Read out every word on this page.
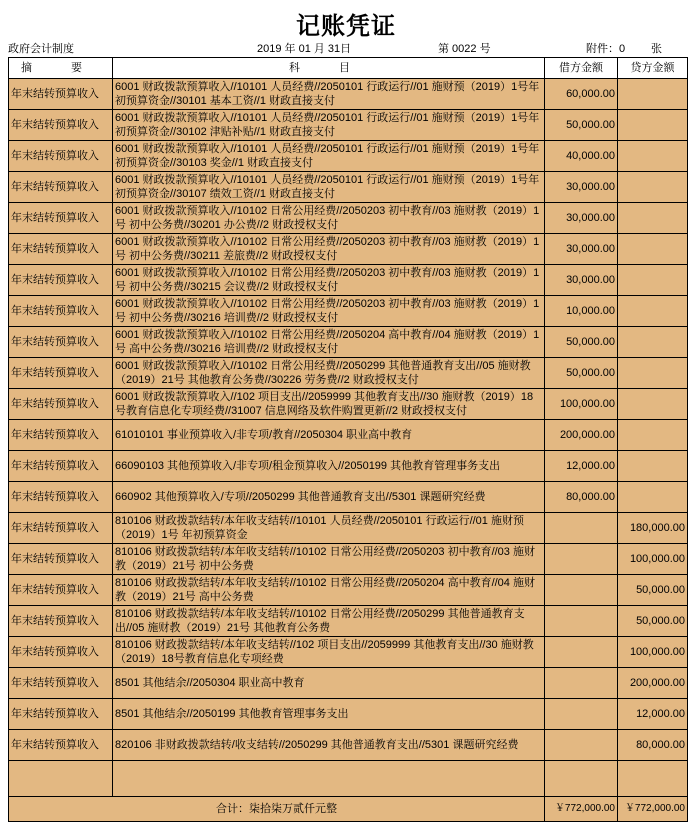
记账凭证
政府会计制度	2019 年 01 月 31日	第 0022 号	附件：0 张
摘 要	科 目	借方金额	贷方金额
年末结转预算收入	6001 财政拨款预算收入//10101 人员经费//2050101 行政运行//01 施财预（2019）1号年初预算资金//30101 基本工资//1 财政直接支付	60,000.00	
年末结转预算收入	6001 财政拨款预算收入//10101 人员经费//2050101 行政运行//01 施财预（2019）1号年初预算资金//30102 津贴补贴//1 财政直接支付	50,000.00	
年末结转预算收入	6001 财政拨款预算收入//10101 人员经费//2050101 行政运行//01 施财预（2019）1号年初预算资金//30103 奖金//1 财政直接支付	40,000.00	
年末结转预算收入	6001 财政拨款预算收入//10101 人员经费//2050101 行政运行//01 施财预（2019）1号年初预算资金//30107 绩效工资//1 财政直接支付	30,000.00	
年末结转预算收入	6001 财政拨款预算收入//10102 日常公用经费//2050203 初中教育//03 施财教（2019）1号 初中公务费//30201 办公费//2 财政授权支付	30,000.00	
年末结转预算收入	6001 财政拨款预算收入//10102 日常公用经费//2050203 初中教育//03 施财教（2019）1号 初中公务费//30211 差旅费//2 财政授权支付	30,000.00	
年末结转预算收入	6001 财政拨款预算收入//10102 日常公用经费//2050203 初中教育//03 施财教（2019）1号 初中公务费//30215 会议费//2 财政授权支付	30,000.00	
年末结转预算收入	6001 财政拨款预算收入//10102 日常公用经费//2050203 初中教育//03 施财教（2019）1号 初中公务费//30216 培训费//2 财政授权支付	10,000.00	
年末结转预算收入	6001 财政拨款预算收入//10102 日常公用经费//2050204 高中教育//04 施财教（2019）1号 高中公务费//30216 培训费//2 财政授权支付	50,000.00	
年末结转预算收入	6001 财政拨款预算收入//10102 日常公用经费//2050299 其他普通教育支出//05 施财教（2019）21号 其他教育公务费//30226 劳务费//2 财政授权支付	50,000.00	
年末结转预算收入	6001 财政拨款预算收入//102 项目支出//2059999 其他教育支出//30 施财教（2019）18号教育信息化专项经费//31007 信息网络及软件购置更新//2 财政授权支付	100,000.00	
年末结转预算收入	61010101 事业预算收入/非专项/教育//2050304 职业高中教育	200,000.00	
年末结转预算收入	66090103 其他预算收入/非专项/租金预算收入//2050199 其他教育管理事务支出	12,000.00	
年末结转预算收入	660902 其他预算收入/专项//2050299 其他普通教育支出//5301 课题研究经费	80,000.00	
年末结转预算收入	810106 财政拨款结转/本年收支结转//10101 人员经费//2050101 行政运行//01 施财预（2019）1号 年初预算资金		180,000.00
年末结转预算收入	810106 财政拨款结转/本年收支结转//10102 日常公用经费//2050203 初中教育//03 施财教（2019）21号 初中公务费		100,000.00
年末结转预算收入	810106 财政拨款结转/本年收支结转//10102 日常公用经费//2050204 高中教育//04 施财教（2019）21号 高中公务费		50,000.00
年末结转预算收入	810106 财政拨款结转/本年收支结转//10102 日常公用经费//2050299 其他普通教育支出//05 施财教（2019）21号 其他教育公务费		50,000.00
年末结转预算收入	810106 财政拨款结转/本年收支结转//102 项目支出//2059999 其他教育支出//30 施财教（2019）18号教育信息化专项经费		100,000.00
年末结转预算收入	8501 其他结余//2050304 职业高中教育		200,000.00
年末结转预算收入	8501 其他结余//2050199 其他教育管理事务支出		12,000.00
年末结转预算收入	820106 非财政拨款结转/收支结转//2050299 其他普通教育支出//5301 课题研究经费		80,000.00

合计：柒拾柒万贰仟元整		￥772,000.00	￥772,000.00
